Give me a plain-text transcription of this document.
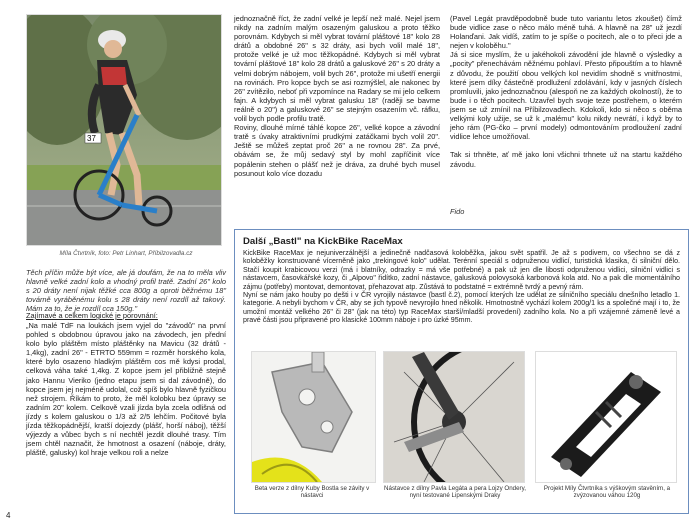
37
Míla Čtvrtník, foto: Petr Linhart, Příbilzovadla.cz

Těch příčin může být více, ale já doufám, že na to měla vliv hlavně velké zadní kolo a vhodný profil tratě. Zadní 26" kolo s 20 dráty není nijak těžké cca 800g a oproti běžnému 18" továrně vyráběnému kolu s 28 dráty není rozdíl až takový. Mám za to, že je rozdíl cca 150g."

Zajímavé a celkem logické je porovnání:

„Na malé TdF na loukách jsem vyjel do "závodů" na první pohled s obdobnou úpravou jako na závodech, jen přední kolo bylo pláštěm místo pláštěnky na Mavicu (32 drátů - 1,4kg), zadní 26" - ETRTO 559mm = rozměr horského kola, které bylo osazeno hladkým pláštěm cos mě kdysi prodal, celková váha také 1,4kg. Z kopce jsem jel přibližně stejně jako Hannu Vieriko (jedno etapu jsem si dal závodně), do kopce jsem jej nejméně udolal, což spíš bylo hlavně fyzičkou než strojem. Říkám to proto, že měl kolobku bez úpravy se zadním 20" kolem. Celkově vzali jízda byla zcela odlišná od jízdy s kolem galuskou o 1/3 až 2/5 lehčím. Počitové byla jízda těžkopádnější, kratší dojezdy (plášť, horší náboj), těžší výjezdy a vůbec bych s ní nechtěl jezdit dlouhé trasy. Tím jsem chtěl naznačit, že hmotnost a osazení (náboje, dráty, pláště, galusky) kol hraje velkou roli a nelze

jednoznačně říct, že zadní velké je lepší než malé. Nejel jsem nikdy na zadním malým osazeným galuskou a proto těžko porovnám. Kdybych si měl vybrat tovární pláštové 18" kolo 28 drátů a obdobné 26" s 32 dráty, asi bych volil malé 18", protože velké je už moc těžkopádné. Kdybych si měl vybrat tovární pláštové 18" kolo 28 drátů a galuskové 26" s 20 dráty a velmi dobrým nábojem, volil bych 26", protože mi ušetří energii na rovinách. Pro kopce bych se asi rozmýšlel, ale nakonec by 26" zvítězilo, neboť při vzpomínce na Radary se mi jelo celkem fajn. A kdybych si měl vybrat galusku 18" (raději se bavme reálně o 20") a galuskové 26" se stejným osazením vč. ráfku, volil bych podle profilu tratě.
Roviny, dlouhé mírné táhlé kopce 26", velké kopce a závodní tratě s úvaky atraktivními prudkými zatáčkami bych volil 20". Ještě se můžeš zeptat proč 26" a ne rovnou 28". Za prvé, obávám se, že můj sedavý styl by mohl zapříčinit více popálenin stehen o plášť než je dráva, za druhé bych musel posunout kolo více dozadu

(Pavel Legát pravděpodobně bude tuto variantu letos zkoušet) čímž bude vidlice zase o něco málo méně tuhá. A hlavně na 28" už jezdí Holanďani. Jak vidíš, zatím to je spíše o pocitech, ale o to přeci jde a nejen v koloběhu."
Já si sice myslím, že u jakéhokoli závodění jde hlavně o výsledky a „pocity" přenechávám něžnému pohlaví. Přesto připouštím a to hlavně z důvodu, že použití obou velkých kol nevidím shodně s vnitřnostmi, které jsem díky částečně prodlužení zdolávání, kdy v jasných číslech promluvili, jako jednoznačnou (alespoň ne za každých okolností), že to bude i o těch pocitech. Uzavřel bych svoje teze postřehem, o kterém jsem se už zmínil na Příbilzovadlech. Kdokoli, kdo si něco s oběma velkými koly užije, se už k „malému" kolu nikdy nevrátí, i když by to jeho rám (PG-čko – první modely) odmontováním prodloužení zadní vidlice lehce umožňoval.

Tak si trhněte, ať mě jako loni všichni trhnete už na startu každého závodu.

Fido

Další „Bastl" na KickBike RaceMax

KickBike RaceMax je nejuniverzálnější a jedinečně nadčasová koloběžka, jakou svět spatřil. Je až s podivem, co všechno se dá z koloběžky konstruované vícerněně jako „trekingové kolo" udělat. Terénní speciál s odpruženou vidlicí, turistická klasika, či silniční dělo. Stačí koupit krabicovou verzi (má i blatníky, odrazky = má vše potřebné) a pak už jen dle libosti odpruženou vidlici, silniční vidlici s nástavcem, časovkářské kozy, či „Alpovo" řidítko, zadní nástavce, galusková polovysoká karbonová kola atd. No a pak dle momentálního zájmu (potřeby) montovat, demontovat, přehazovat atp. Zůstává to podstatné = extrémně tvrdý a pevný rám.
Nyní se nám jako houby po dešti i v ČR vyrojily nástavce (bastl č.2), pomocí kterých lze udělat ze silničního speciálu dnešního letadlo 1. kategorie. A nebyli bychom v ČR, aby se jich typově nevyrojilo hned několik. Hmotnostně vychází kolem 200g/1 ks a společné mají i to, že umožní montáž velkého 26" či 28" (jak na této) typ RaceMax starší/mladší provedení) zadního kola. No a při vzájemné zámeně levé a pravé části jsou připravené pro klasické 100mm náboje i pro úzké 95mm.

Beta verze z dílny Kuby Bostla se závity v nástavci
Nástavce z dílny Pavla Legáta a pera Lojzy Ondery, nyní testované Lipenskými Draky
Projekt Míly Čtvrtníka s výškovým stavěním, a zvýzovanou váhou 120g
4
